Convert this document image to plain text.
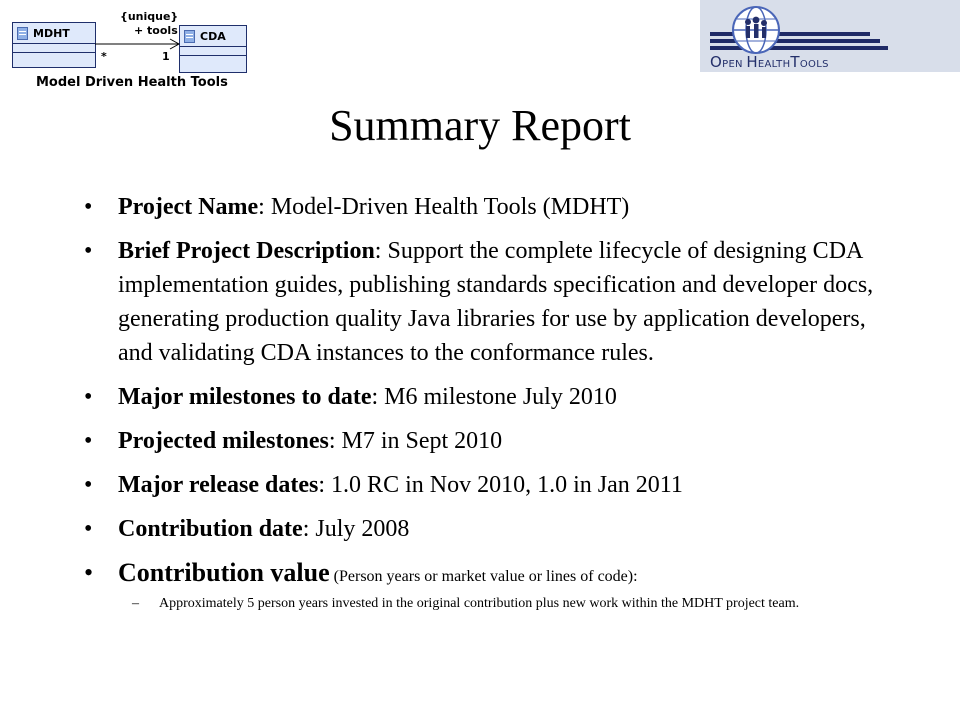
MDHT	CDA
{unique}
+ tools
*	1
Model Driven Health Tools
OPEN HEALTHTOOLS
Summary Report
• Project Name: Model-Driven Health Tools (MDHT)
• Brief Project Description: Support the complete lifecycle of designing CDA implementation guides, publishing standards specification and developer docs, generating production quality Java libraries for use by application developers, and validating CDA instances to the conformance rules.
• Major milestones to date: M6 milestone July 2010
• Projected milestones: M7 in Sept 2010
• Major release dates: 1.0 RC in Nov 2010, 1.0 in Jan 2011
• Contribution date: July 2008
• Contribution value (Person years or market value or lines of code):
– Approximately 5 person years invested in the original contribution plus new work within the MDHT project team.
